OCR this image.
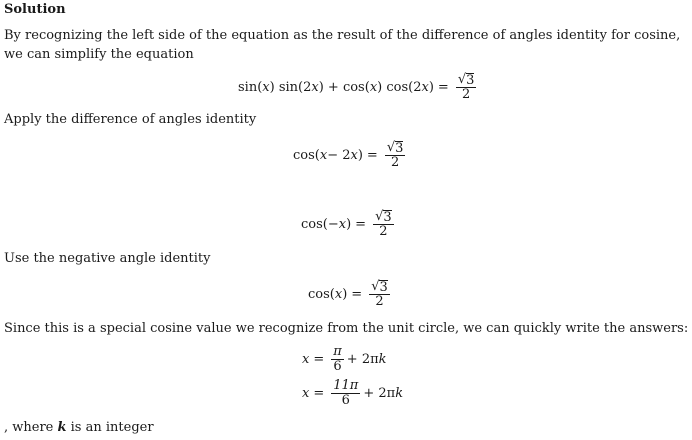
Solution
By recognizing the left side of the equation as the result of the difference of angles identity for cosine, we can simplify the equation
sin( x ) sin(2 x ) + cos( x ) cos(2 x ) = $\frac{√ 3}{2}$
Apply the difference of angles identity
cos( x − 2 x ) = $\frac{√ 3}{2}$
cos(− x ) = $\frac{√ 3}{2}$
Use the negative angle identity
cos( x ) = $\frac{√ 3}{2}$
Since this is a special cosine value we recognize from the unit circle, we can quickly write the answers:
$x = \frac{\pi}{6} + 2\pi$ k
$x = \frac{11\pi}{6} + 2\pi$ k
, where k is an integer
